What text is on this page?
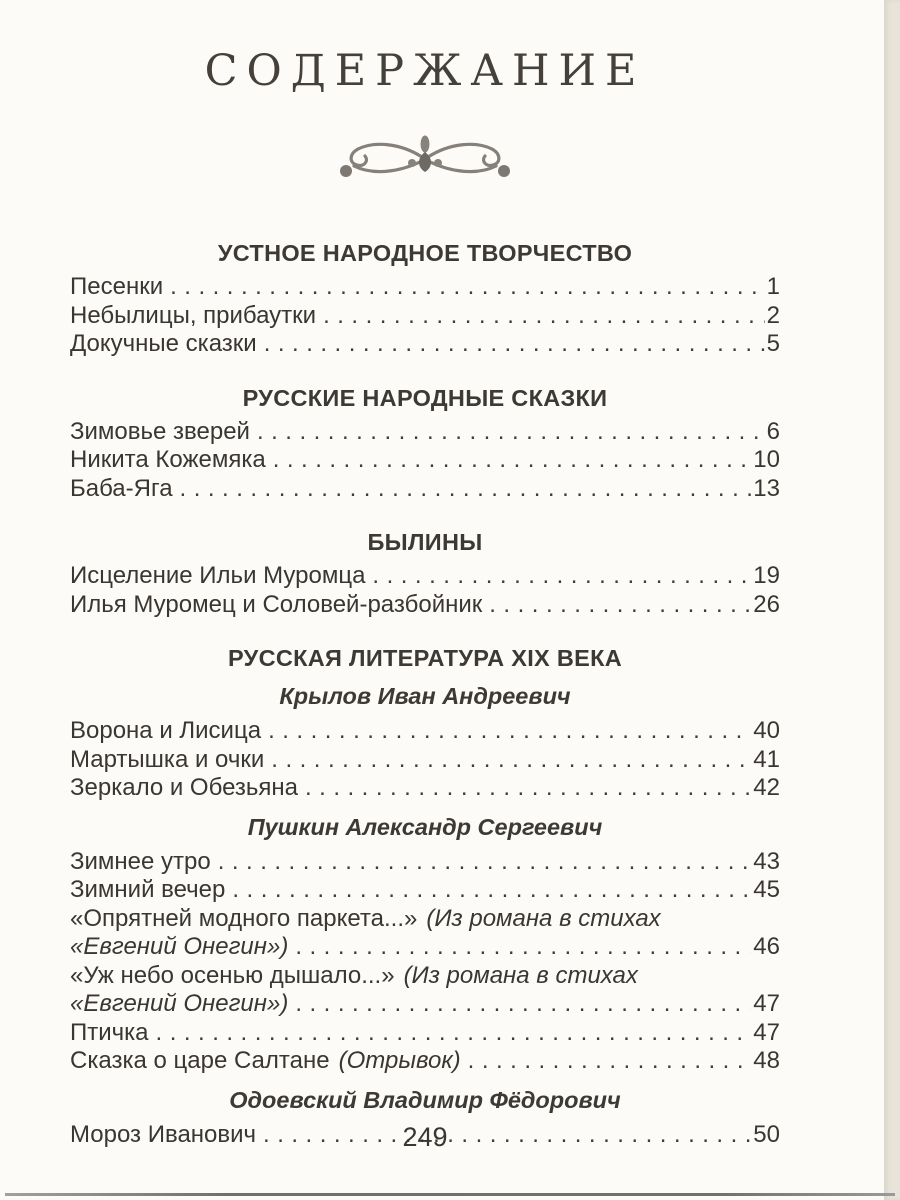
СОДЕРЖАНИЕ
УСТНОЕ НАРОДНОЕ ТВОРЧЕСТВО
Песенки .....	1
Небылицы, прибаутки .....	2
Докучные сказки .....	5
РУССКИЕ НАРОДНЫЕ СКАЗКИ
Зимовье зверей .....	6
Никита Кожемяка .....	10
Баба-Яга .....	13
БЫЛИНЫ
Исцеление Ильи Муромца .....	19
Илья Муромец и Соловей-разбойник .....	26
РУССКАЯ ЛИТЕРАТУРА XIX ВЕКА
Крылов Иван Андреевич
Ворона и Лисица .....	40
Мартышка и очки .....	41
Зеркало и Обезьяна .....	42
Пушкин Александр Сергеевич
Зимнее утро .....	43
Зимний вечер .....	45
«Опрятней модного паркета...» (Из романа в стихах
«Евгений Онегин») .....	46
«Уж небо осенью дышало...» (Из романа в стихах
«Евгений Онегин») .....	47
Птичка .....	47
Сказка о царе Салтане (Отрывок) .....	48
Одоевский Владимир Фёдорович
Мороз Иванович .....	50
249
